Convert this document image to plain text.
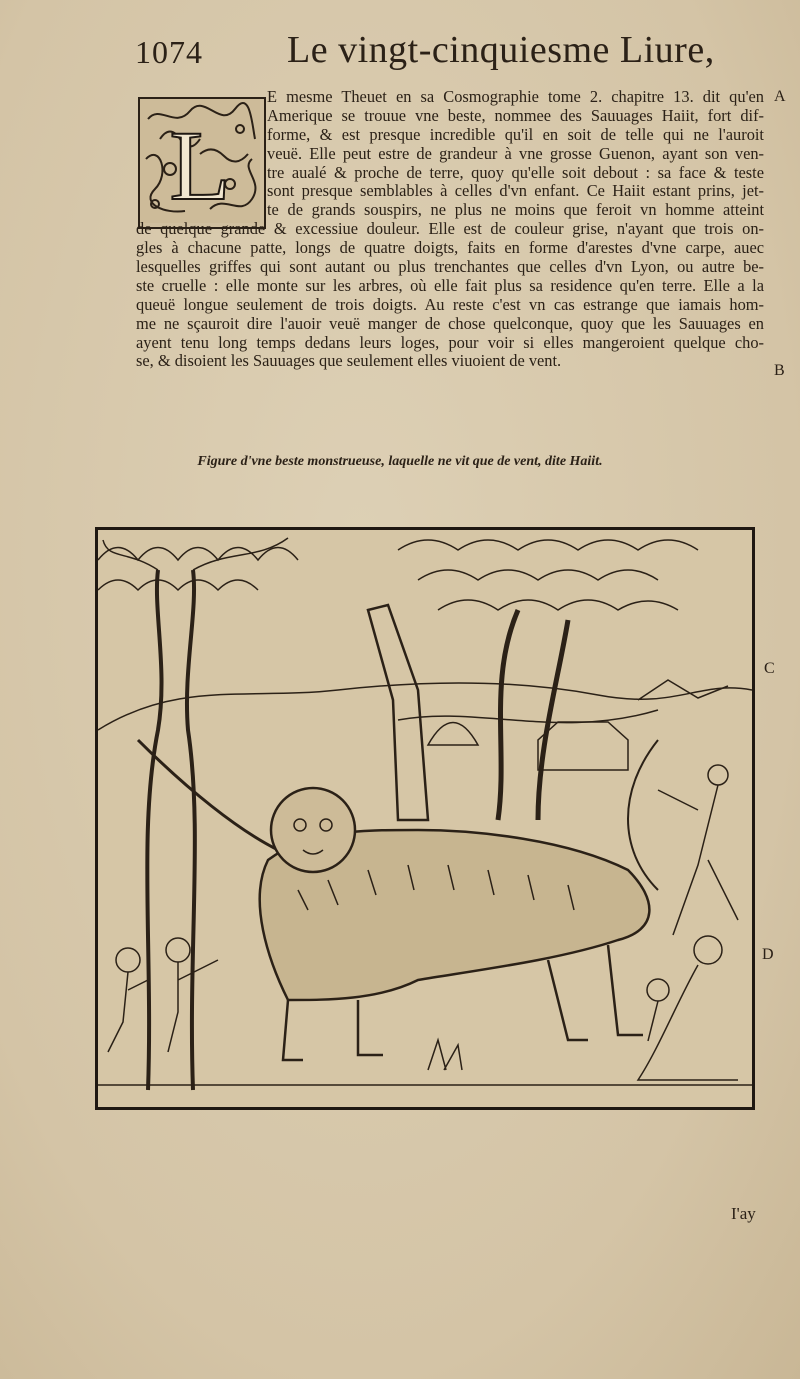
1074 Le vingt-cinquiesme Liure,
L
E mesme Theuet en sa Cosmographie tome 2. chapitre 13. dit qu'en
Amerique se trouue vne beste, nommee des Sauuages Haiit, fort dif-
forme, & est presque incredible qu'il en soit de telle qui ne l'auroit
veuë. Elle peut estre de grandeur à vne grosse Guenon, ayant son ven-
tre aualé & proche de terre, quoy qu'elle soit debout : sa face & teste
sont presque semblables à celles d'vn enfant. Ce Haiit estant prins, jet-
te de grands souspirs, ne plus ne moins que feroit vn homme atteint
de quelque grande & excessiue douleur. Elle est de couleur grise, n'ayant que trois on-
gles à chacune patte, longs de quatre doigts, faits en forme d'arestes d'vne carpe, auec
lesquelles griffes qui sont autant ou plus trenchantes que celles d'vn Lyon, ou autre be-
ste cruelle : elle monte sur les arbres, où elle fait plus sa residence qu'en terre. Elle a la
queuë longue seulement de trois doigts. Au reste c'est vn cas estrange que iamais hom-
me ne sçauroit dire l'auoir veuë manger de chose quelconque, quoy que les Sauuages en
ayent tenu long temps dedans leurs loges, pour voir si elles mangeroient quelque cho-
se, & disoient les Sauuages que seulement elles viuoient de vent.
A
B
C
D
Figure d'vne beste monstrueuse, laquelle ne vit que de vent, dite Haiit.
I'ay
